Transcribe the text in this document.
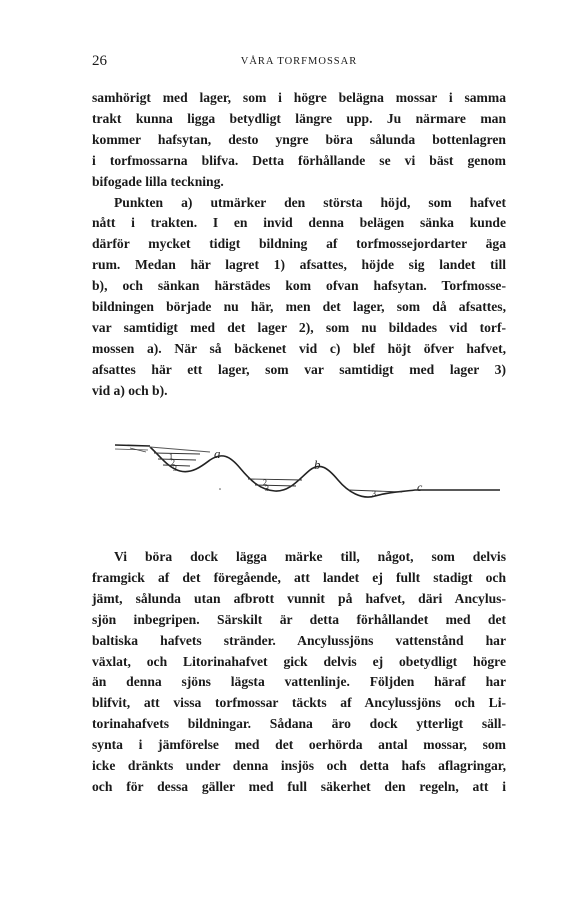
26	VÅRA TORFMOSSAR
samhörigt med lager, som i högre belägna mossar i samma
trakt kunna ligga betydligt längre upp. Ju närmare man
kommer hafsytan, desto yngre böra sålunda bottenlagren
i torfmossarna blifva. Detta förhållande se vi bäst genom
bifogade lilla teckning.
Punkten a) utmärker den största höjd, som hafvet
nått i trakten. I en invid denna belägen sänka kunde
därför mycket tidigt bildning af torfmossejordarter äga
rum. Medan här lagret 1) afsattes, höjde sig landet till
b), och sänkan härstädes kom ofvan hafsytan. Torfmosse-
bildningen började nu här, men det lager, som då afsattes,
var samtidigt med det lager 2), som nu bildades vid torf-
mossen a). När så bäckenet vid c) blef höjt öfver hafvet,
afsattes här ett lager, som var samtidigt med lager 3)
vid a) och b).
a
b
c
1
2
3
2
3
3
Vi böra dock lägga märke till, något, som delvis
framgick af det föregående, att landet ej fullt stadigt och
jämt, sålunda utan afbrott vunnit på hafvet, däri Ancylus-
sjön inbegripen. Särskilt är detta förhållandet med det
baltiska hafvets stränder. Ancylussjöns vattenstånd har
växlat, och Litorinahafvet gick delvis ej obetydligt högre
än denna sjöns lägsta vattenlinje. Följden häraf har
blifvit, att vissa torfmossar täckts af Ancylussjöns och Li-
torinahafvets bildningar. Sådana äro dock ytterligt säll-
synta i jämförelse med det oerhörda antal mossar, som
icke dränkts under denna insjös och detta hafs aflagringar,
och för dessa gäller med full säkerhet den regeln, att i
